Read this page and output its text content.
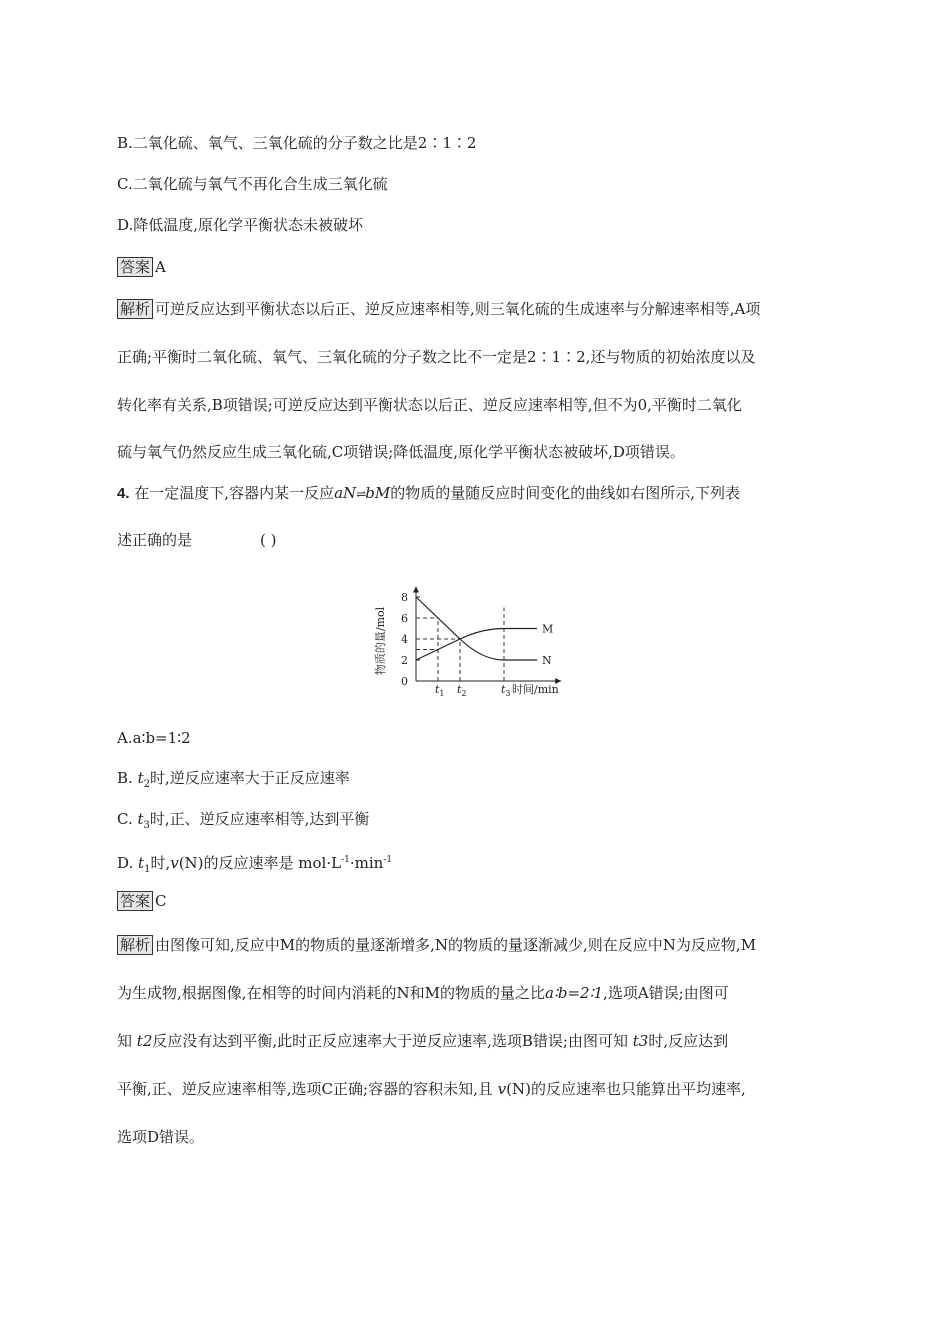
B.二氧化硫、氧气、三氧化硫的分子数之比是2∶1∶2
C.二氧化硫与氧气不再化合生成三氧化硫
D.降低温度,原化学平衡状态未被破坏
答案 A
解析 可逆反应达到平衡状态以后正、逆反应速率相等,则三氧化硫的生成速率与分解速率相等,A项
正确;平衡时二氧化硫、氧气、三氧化硫的分子数之比不一定是2∶1∶2,还与物质的初始浓度以及
转化率有关系,B项错误;可逆反应达到平衡状态以后正、逆反应速率相等,但不为0,平衡时二氧化
硫与氧气仍然反应生成三氧化硫,C项错误;降低温度,原化学平衡状态被破坏,D项错误。
4. 在一定温度下,容器内某一反应aN⇌bM的物质的量随反应时间变化的曲线如右图所示,下列表
述正确的是	( )
0
2
4
6
8
物质的量/mol
$t_1$ $t_2$	$t_3$ 时间/min
M
N
A.a∶b=1∶2
B. $t_2$时,逆反应速率大于正反应速率
C. $t_3$时,正、逆反应速率相等,达到平衡
D. $t_1$时,v(N)的反应速率是 $mol\cdot L^{-1}\cdot\min^{-1}$
答案 C
解析 由图像可知,反应中M的物质的量逐渐增多,N的物质的量逐渐减少,则在反应中N为反应物,M
为生成物,根据图像,在相等的时间内消耗的N和M的物质的量之比a∶b=2∶1,选项A错误;由图可
知 t2反应没有达到平衡,此时正反应速率大于逆反应速率,选项B错误;由图可知 t3时,反应达到
平衡,正、逆反应速率相等,选项C正确;容器的容积未知,且 v(N)的反应速率也只能算出平均速率,
选项D错误。
